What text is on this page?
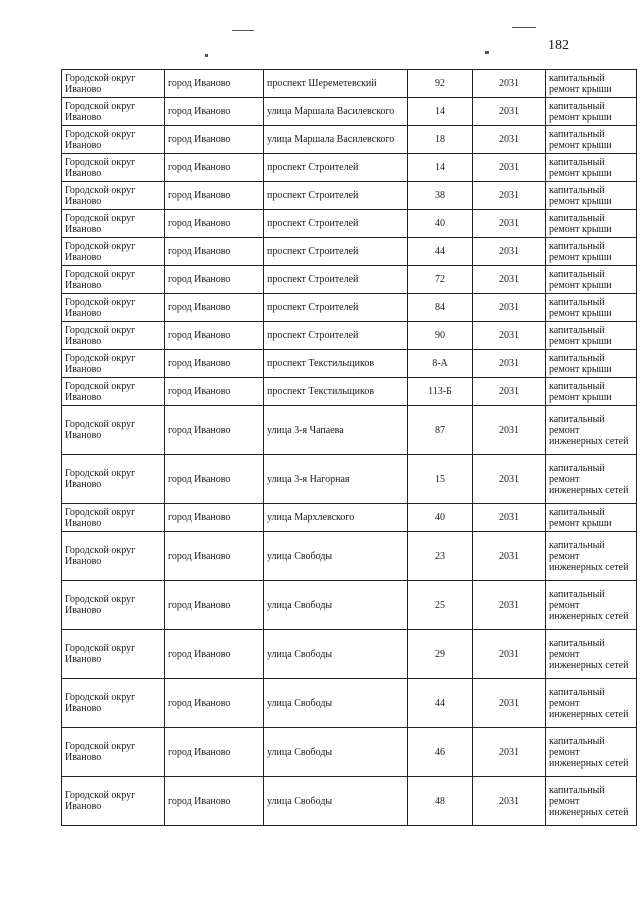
182
Городской округ Иваново	город Иваново	проспект Шереметевский	92	2031	капитальный ремонт крыши
Городской округ Иваново	город Иваново	улица Маршала Василевского	14	2031	капитальный ремонт крыши
Городской округ Иваново	город Иваново	улица Маршала Василевского	18	2031	капитальный ремонт крыши
Городской округ Иваново	город Иваново	проспект Строителей	14	2031	капитальный ремонт крыши
Городской округ Иваново	город Иваново	проспект Строителей	38	2031	капитальный ремонт крыши
Городской округ Иваново	город Иваново	проспект Строителей	40	2031	капитальный ремонт крыши
Городской округ Иваново	город Иваново	проспект Строителей	44	2031	капитальный ремонт крыши
Городской округ Иваново	город Иваново	проспект Строителей	72	2031	капитальный ремонт крыши
Городской округ Иваново	город Иваново	проспект Строителей	84	2031	капитальный ремонт крыши
Городской округ Иваново	город Иваново	проспект Строителей	90	2031	капитальный ремонт крыши
Городской округ Иваново	город Иваново	проспект Текстильщиков	8-А	2031	капитальный ремонт крыши
Городской округ Иваново	город Иваново	проспект Текстильщиков	113-Б	2031	капитальный ремонт крыши
Городской округ Иваново	город Иваново	улица 3-я Чапаева	87	2031	капитальный ремонт инженерных сетей
Городской округ Иваново	город Иваново	улица 3-я Нагорная	15	2031	капитальный ремонт инженерных сетей
Городской округ Иваново	город Иваново	улица Мархлевского	40	2031	капитальный ремонт крыши
Городской округ Иваново	город Иваново	улица Свободы	23	2031	капитальный ремонт инженерных сетей
Городской округ Иваново	город Иваново	улица Свободы	25	2031	капитальный ремонт инженерных сетей
Городской округ Иваново	город Иваново	улица Свободы	29	2031	капитальный ремонт инженерных сетей
Городской округ Иваново	город Иваново	улица Свободы	44	2031	капитальный ремонт инженерных сетей
Городской округ Иваново	город Иваново	улица Свободы	46	2031	капитальный ремонт инженерных сетей
Городской округ Иваново	город Иваново	улица Свободы	48	2031	капитальный ремонт инженерных сетей
